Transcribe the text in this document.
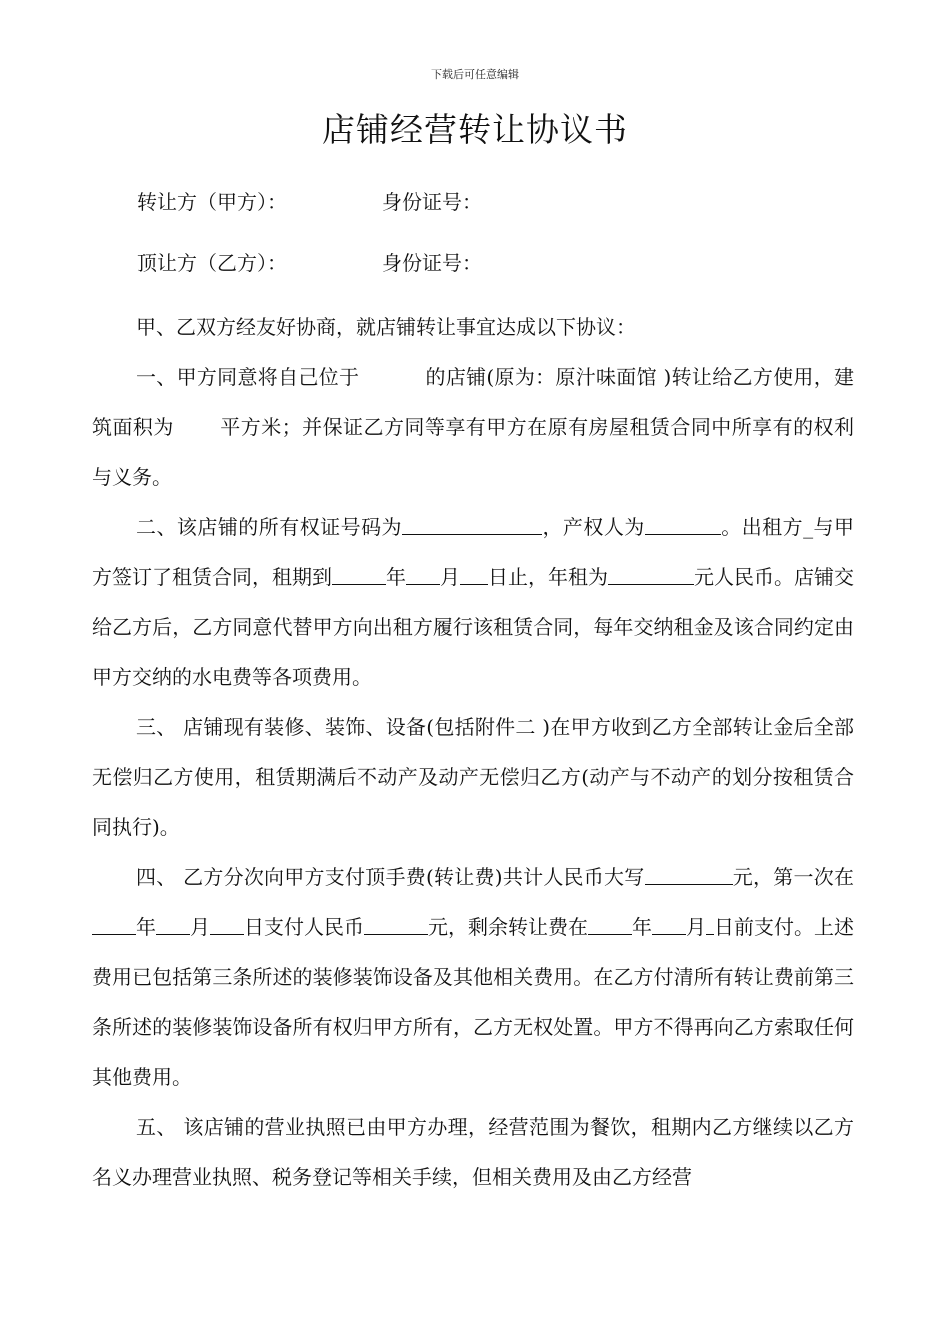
下载后可任意编辑
店铺经营转让协议书
转让方（甲方）：	身份证号：
顶让方（乙方）：	身份证号：

甲、乙双方经友好协商，就店铺转让事宜达成以下协议：

一、甲方同意将自己位于	的店铺(原为：原汁味面馆 )转让给乙方使用，建筑面积为 平方米；并保证乙方同等享有甲方在原有房屋租赁合同中所享有的权利与义务。

二、该店铺的所有权证号码为	，产权人为	。出租方_与甲方签订了租赁合同，租期到	年 月 日止，年租为	元人民币。店铺交给乙方后，乙方同意代替甲方向出租方履行该租赁合同，每年交纳租金及该合同约定由甲方交纳的水电费等各项费用。

三、 店铺现有装修、装饰、设备(包括附件二 )在甲方收到乙方全部转让金后全部无偿归乙方使用，租赁期满后不动产及动产无偿归乙方(动产与不动产的划分按租赁合同执行)。

四、 乙方分次向甲方支付顶手费(转让费)共计人民币大写	元，第一次在年 月 日支付人民币	元，剩余转让费在 年 月 日前支付。上述费用已包括第三条所述的装修装饰设备及其他相关费用。在乙方付清所有转让费前第三条所述的装修装饰设备所有权归甲方所有，乙方无权处置。甲方不得再向乙方索取任何其他费用。

五、 该店铺的营业执照已由甲方办理，经营范围为餐饮，租期内乙方继续以乙方名义办理营业执照、税务登记等相关手续，但相关费用及由乙方经营
